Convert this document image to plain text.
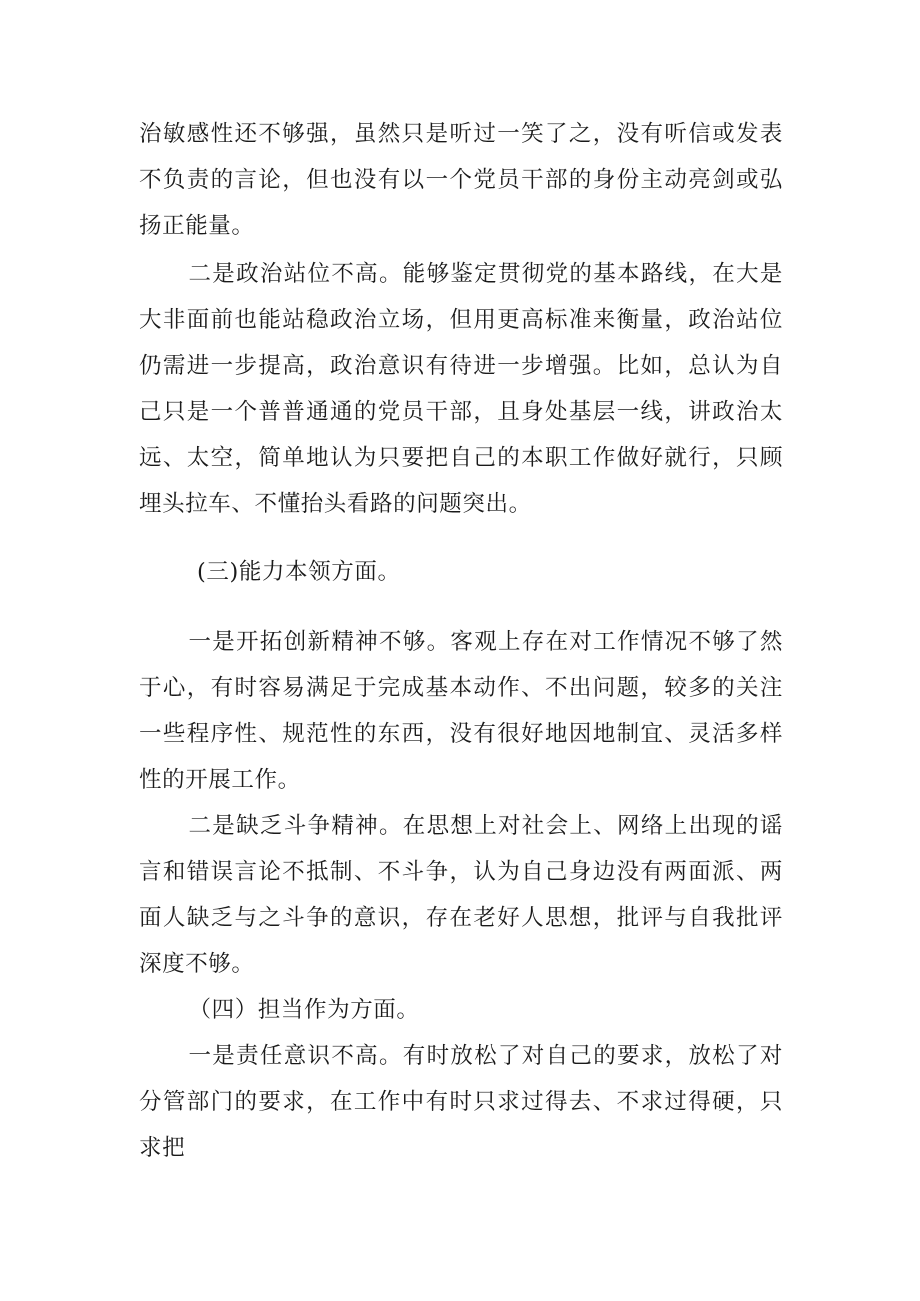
治敏感性还不够强，虽然只是听过一笑了之，没有听信或发表不负责的言论，但也没有以一个党员干部的身份主动亮剑或弘扬正能量。

二是政治站位不高。能够鉴定贯彻党的基本路线，在大是大非面前也能站稳政治立场，但用更高标准来衡量，政治站位仍需进一步提高，政治意识有待进一步增强。比如，总认为自己只是一个普普通通的党员干部，且身处基层一线，讲政治太远、太空，简单地认为只要把自己的本职工作做好就行，只顾埋头拉车、不懂抬头看路的问题突出。

(三)能力本领方面。

一是开拓创新精神不够。客观上存在对工作情况不够了然于心，有时容易满足于完成基本动作、不出问题，较多的关注一些程序性、规范性的东西，没有很好地因地制宜、灵活多样性的开展工作。

二是缺乏斗争精神。在思想上对社会上、网络上出现的谣言和错误言论不抵制、不斗争，认为自己身边没有两面派、两面人缺乏与之斗争的意识，存在老好人思想，批评与自我批评深度不够。

（四）担当作为方面。

一是责任意识不高。有时放松了对自己的要求，放松了对分管部门的要求，在工作中有时只求过得去、不求过得硬，只求把
